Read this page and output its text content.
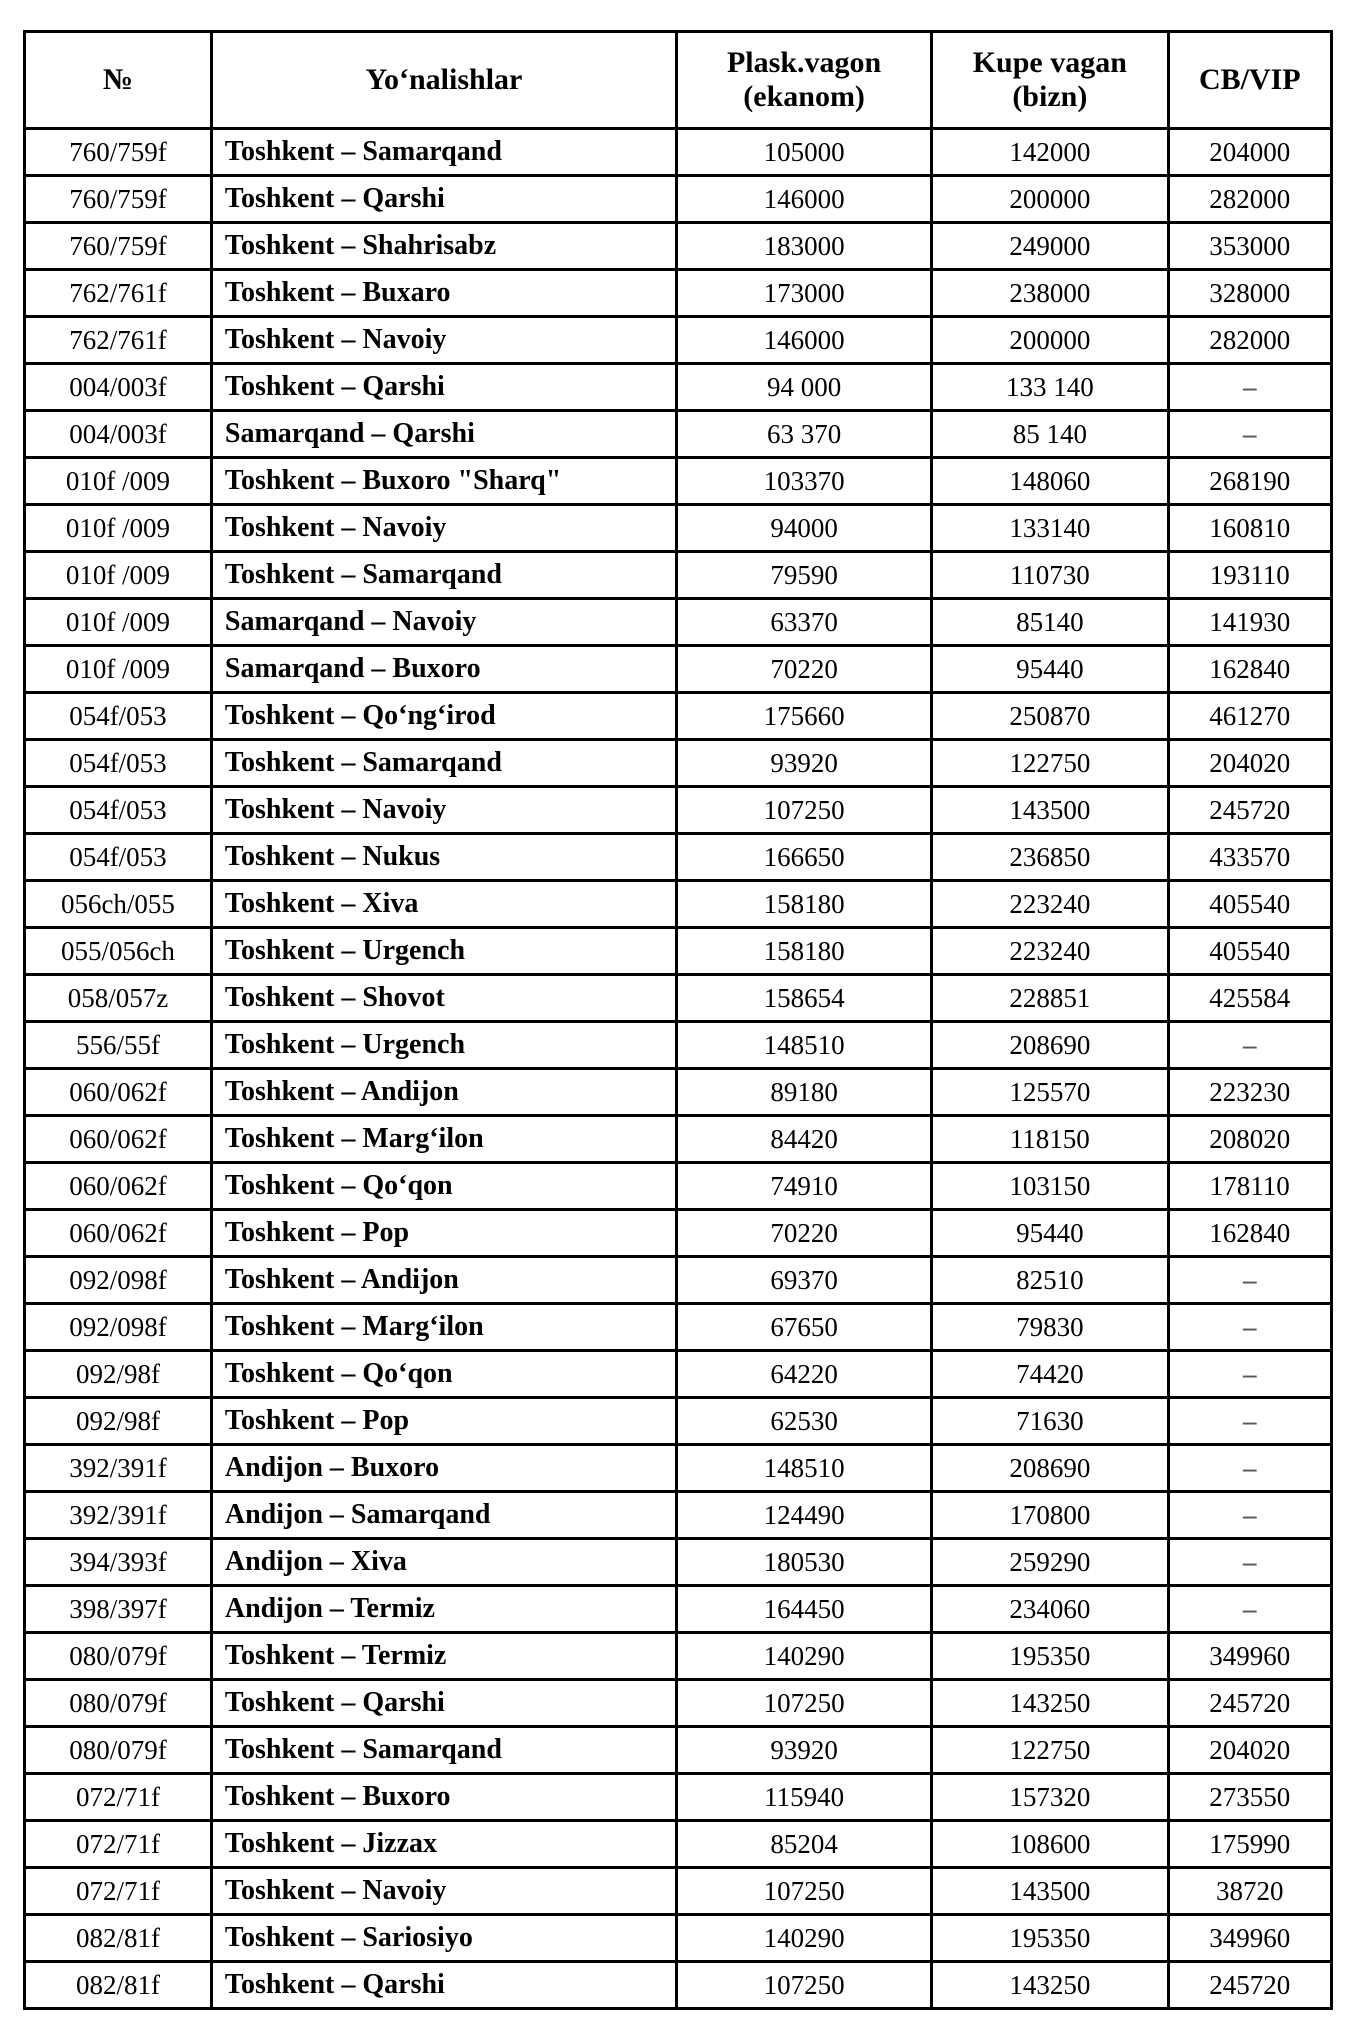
№	Yo‘nalishlar	Plask.vagon (ekanom)	Kupe vagan (bizn)	CB/VIP
760/759f	Toshkent – Samarqand	105000	142000	204000
760/759f	Toshkent – Qarshi	146000	200000	282000
760/759f	Toshkent – Shahrisabz	183000	249000	353000
762/761f	Toshkent – Buxaro	173000	238000	328000
762/761f	Toshkent – Navoiy	146000	200000	282000
004/003f	Toshkent – Qarshi	94 000	133 140	–
004/003f	Samarqand – Qarshi	63 370	85 140	–
010f /009	Toshkent – Buxoro "Sharq"	103370	148060	268190
010f /009	Toshkent – Navoiy	94000	133140	160810
010f /009	Toshkent – Samarqand	79590	110730	193110
010f /009	Samarqand – Navoiy	63370	85140	141930
010f /009	Samarqand – Buxoro	70220	95440	162840
054f/053	Toshkent – Qo‘ng‘irod	175660	250870	461270
054f/053	Toshkent – Samarqand	93920	122750	204020
054f/053	Toshkent – Navoiy	107250	143500	245720
054f/053	Toshkent – Nukus	166650	236850	433570
056ch/055	Toshkent – Xiva	158180	223240	405540
055/056ch	Toshkent – Urgench	158180	223240	405540
058/057z	Toshkent – Shovot	158654	228851	425584
556/55f	Toshkent – Urgench	148510	208690	–
060/062f	Toshkent – Andijon	89180	125570	223230
060/062f	Toshkent – Marg‘ilon	84420	118150	208020
060/062f	Toshkent – Qo‘qon	74910	103150	178110
060/062f	Toshkent – Pop	70220	95440	162840
092/098f	Toshkent – Andijon	69370	82510	–
092/098f	Toshkent – Marg‘ilon	67650	79830	–
092/98f	Toshkent – Qo‘qon	64220	74420	–
092/98f	Toshkent – Pop	62530	71630	–
392/391f	Andijon – Buxoro	148510	208690	–
392/391f	Andijon – Samarqand	124490	170800	–
394/393f	Andijon – Xiva	180530	259290	–
398/397f	Andijon – Termiz	164450	234060	–
080/079f	Toshkent – Termiz	140290	195350	349960
080/079f	Toshkent – Qarshi	107250	143250	245720
080/079f	Toshkent – Samarqand	93920	122750	204020
072/71f	Toshkent – Buxoro	115940	157320	273550
072/71f	Toshkent – Jizzax	85204	108600	175990
072/71f	Toshkent – Navoiy	107250	143500	38720
082/81f	Toshkent – Sariosiyo	140290	195350	349960
082/81f	Toshkent – Qarshi	107250	143250	245720
